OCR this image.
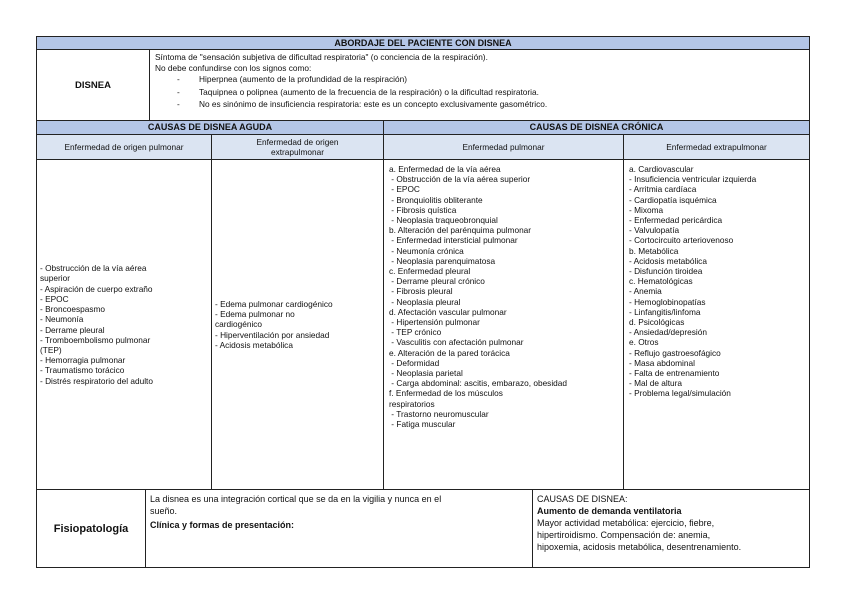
ABORDAJE DEL PACIENTE CON DISNEA
DISNEA
Síntoma de "sensación subjetiva de dificultad respiratoria" (o conciencia de la respiración).
No debe confundirse con los signos como:
- Hiperpnea (aumento de la profundidad de la respiración)
- Taquipnea o polipnea (aumento de la frecuencia de la respiración) o la dificultad respiratoria.
- No es sinónimo de insuficiencia respiratoria: este es un concepto exclusivamente gasométrico.
CAUSAS DE DISNEA AGUDA	CAUSAS DE DISNEA CRÓNICA
Enfermedad de origen pulmonar
Enfermedad de origen extrapulmonar
Enfermedad pulmonar	Enfermedad extrapulmonar
- Obstrucción de la vía aérea
superior
- Aspiración de cuerpo extraño
- EPOC
- Broncoespasmo
- Neumonía
- Derrame pleural
- Tromboembolismo pulmonar
(TEP)
- Hemorragia pulmonar
- Traumatismo torácico
- Distrés respiratorio del adulto
- Edema pulmonar cardiogénico
- Edema pulmonar no
cardiogénico
- Hiperventilación por ansiedad
- Acidosis metabólica
a. Enfermedad de la vía aérea
- Obstrucción de la vía aérea superior
- EPOC
- Bronquiolitis obliterante
- Fibrosis quística
- Neoplasia traqueobronquial
b. Alteración del parénquima pulmonar
- Enfermedad intersticial pulmonar
- Neumonía crónica
- Neoplasia parenquimatosa
c. Enfermedad pleural
- Derrame pleural crónico
- Fibrosis pleural
- Neoplasia pleural
d. Afectación vascular pulmonar
- Hipertensión pulmonar
- TEP crónico
- Vasculitis con afectación pulmonar
e. Alteración de la pared torácica
- Deformidad
- Neoplasia parietal
- Carga abdominal: ascitis, embarazo, obesidad
f. Enfermedad de los músculos
respiratorios
- Trastorno neuromuscular
- Fatiga muscular
a. Cardiovascular
- Insuficiencia ventricular izquierda
- Arritmia cardíaca
- Cardiopatía isquémica
- Mixoma
- Enfermedad pericárdica
- Valvulopatía
- Cortocircuito arteriovenoso
b. Metabólica
- Acidosis metabólica
- Disfunción tiroidea
c. Hematológicas
- Anemia
- Hemoglobinopatías
- Linfangitis/linfoma
d. Psicológicas
- Ansiedad/depresión
e. Otros
- Reflujo gastroesofágico
- Masa abdominal
- Falta de entrenamiento
- Mal de altura
- Problema legal/simulación
Fisiopatología
La disnea es una integración cortical que se da en la vigilia y nunca en el
sueño.
Clínica y formas de presentación:
CAUSAS DE DISNEA:
Aumento de demanda ventilatoria
Mayor actividad metabólica: ejercicio, fiebre,
hipertiroidismo. Compensación de: anemia,
hipoxemia, acidosis metabólica, desentrenamiento.
